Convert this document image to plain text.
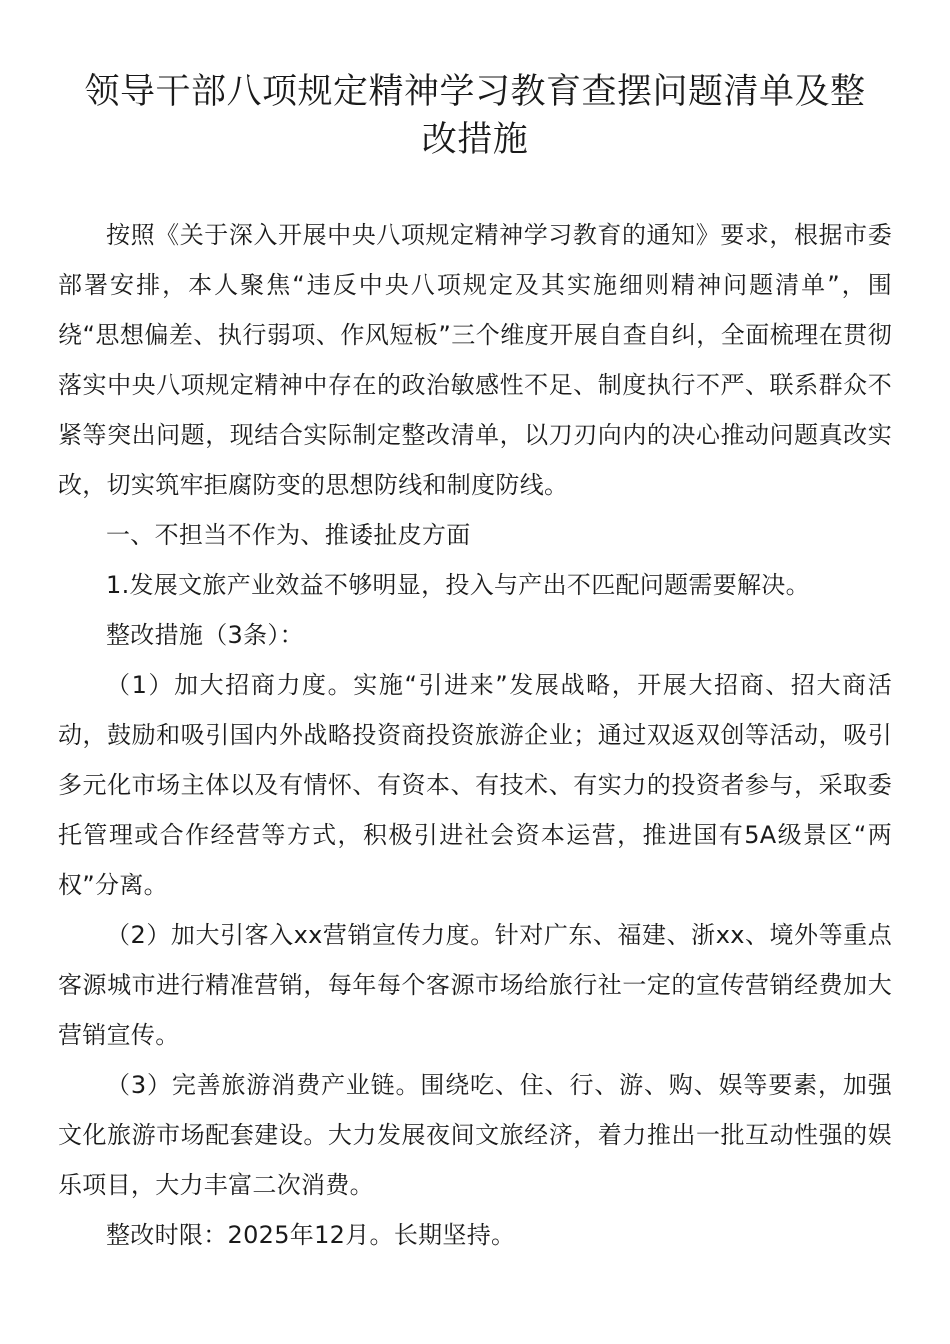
领导干部八项规定精神学习教育查摆问题清单及整改措施

按照《关于深入开展中央八项规定精神学习教育的通知》要求，根据市委部署安排，本人聚焦“违反中央八项规定及其实施细则精神问题清单”，围绕“思想偏差、执行弱项、作风短板”三个维度开展自查自纠，全面梳理在贯彻落实中央八项规定精神中存在的政治敏感性不足、制度执行不严、联系群众不紧等突出问题，现结合实际制定整改清单，以刀刃向内的决心推动问题真改实改，切实筑牢拒腐防变的思想防线和制度防线。

一、不担当不作为、推诿扯皮方面

1.发展文旅产业效益不够明显，投入与产出不匹配问题需要解决。

整改措施（3条）：

（1）加大招商力度。实施“引进来”发展战略，开展大招商、招大商活动，鼓励和吸引国内外战略投资商投资旅游企业；通过双返双创等活动，吸引多元化市场主体以及有情怀、有资本、有技术、有实力的投资者参与，采取委托管理或合作经营等方式，积极引进社会资本运营，推进国有5A级景区“两权”分离。

（2）加大引客入xx营销宣传力度。针对广东、福建、浙xx、境外等重点客源城市进行精准营销，每年每个客源市场给旅行社一定的宣传营销经费加大营销宣传。

（3）完善旅游消费产业链。围绕吃、住、行、游、购、娱等要素，加强文化旅游市场配套建设。大力发展夜间文旅经济，着力推出一批互动性强的娱乐项目，大力丰富二次消费。

整改时限：2025年12月。长期坚持。
